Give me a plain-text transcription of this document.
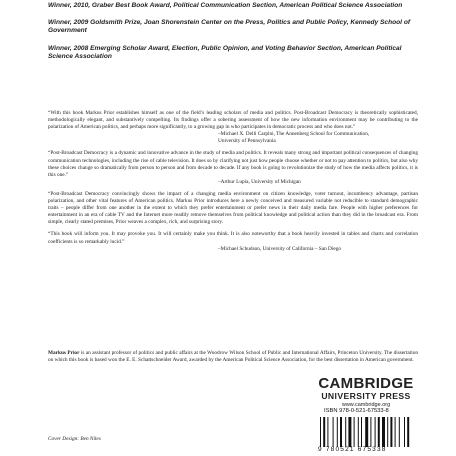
Winner, 2010, Graber Best Book Award, Political Communication Section, American Political Science Association

Winner, 2009 Goldsmith Prize, Joan Shorenstein Center on the Press, Politics and Public Policy, Kennedy School of Government

Winner, 2008 Emerging Scholar Award, Election, Public Opinion, and Voting Behavior Section, American Political Science Association

“With this book Markus Prior establishes himself as one of the field’s leading scholars of media and politics. Post-Broadcast Democracy is theoretically sophisticated, methodologically elegant, and substantively compelling. Its findings offer a sobering assessment of how the new information environment may be contributing to the polarization of American politics, and perhaps more significantly, to a growing gap in who participates in democratic process and who does not.”

–Michael X. Delli Carpini, The Annenberg School for Communication,
University of Pennsylvania

“Post-Broadcast Democracy is a dynamic and innovative advance in the study of media and politics. It reveals many strong and important political consequences of changing communication technologies, including the rise of cable television. It does so by clarifying not just how people choose whether or not to pay attention to politics, but also why these choices change so dramatically from person to person and from decade to decade. If any book is going to revolutionize the study of how the media affects politics, it is this one.”

–Arthur Lupia, University of Michigan

“Post-Broadcast Democracy convincingly shows the impact of a changing media environment on citizen knowledge, voter turnout, incumbency advantage, partisan polarization, and other vital features of American politics. Markus Prior introduces here a newly conceived and measured variable not reducible to standard demographic traits – people differ from one another in the extent to which they prefer entertainment or prefer news in their daily media fare. People with higher preferences for entertainment in an era of cable TV and the Internet more readily remove themselves from political knowledge and political action than they did in the broadcast era. From simple, clearly stated premises, Prior weaves a complex, rich, and surprising story.

“This book will inform you. It may provoke you. It will certainly make you think. It is also noteworthy that a book heavily invested in tables and charts and correlation coefficients is so remarkably lucid.”

–Michael Schudson, University of California – San Diego

Markus Prior is an assistant professor of politics and public affairs at the Woodrow Wilson School of Public and International Affairs, Princeton University. The dissertation on which this book is based won the E. E. Schattschneider Award, awarded by the American Political Science Association, for the best dissertation in American government.

CAMBRIDGE
UNIVERSITY PRESS
www.cambridge.org
ISBN 978-0-521-67533-8
9 780521 675338
Cover Design: Ben Niles
